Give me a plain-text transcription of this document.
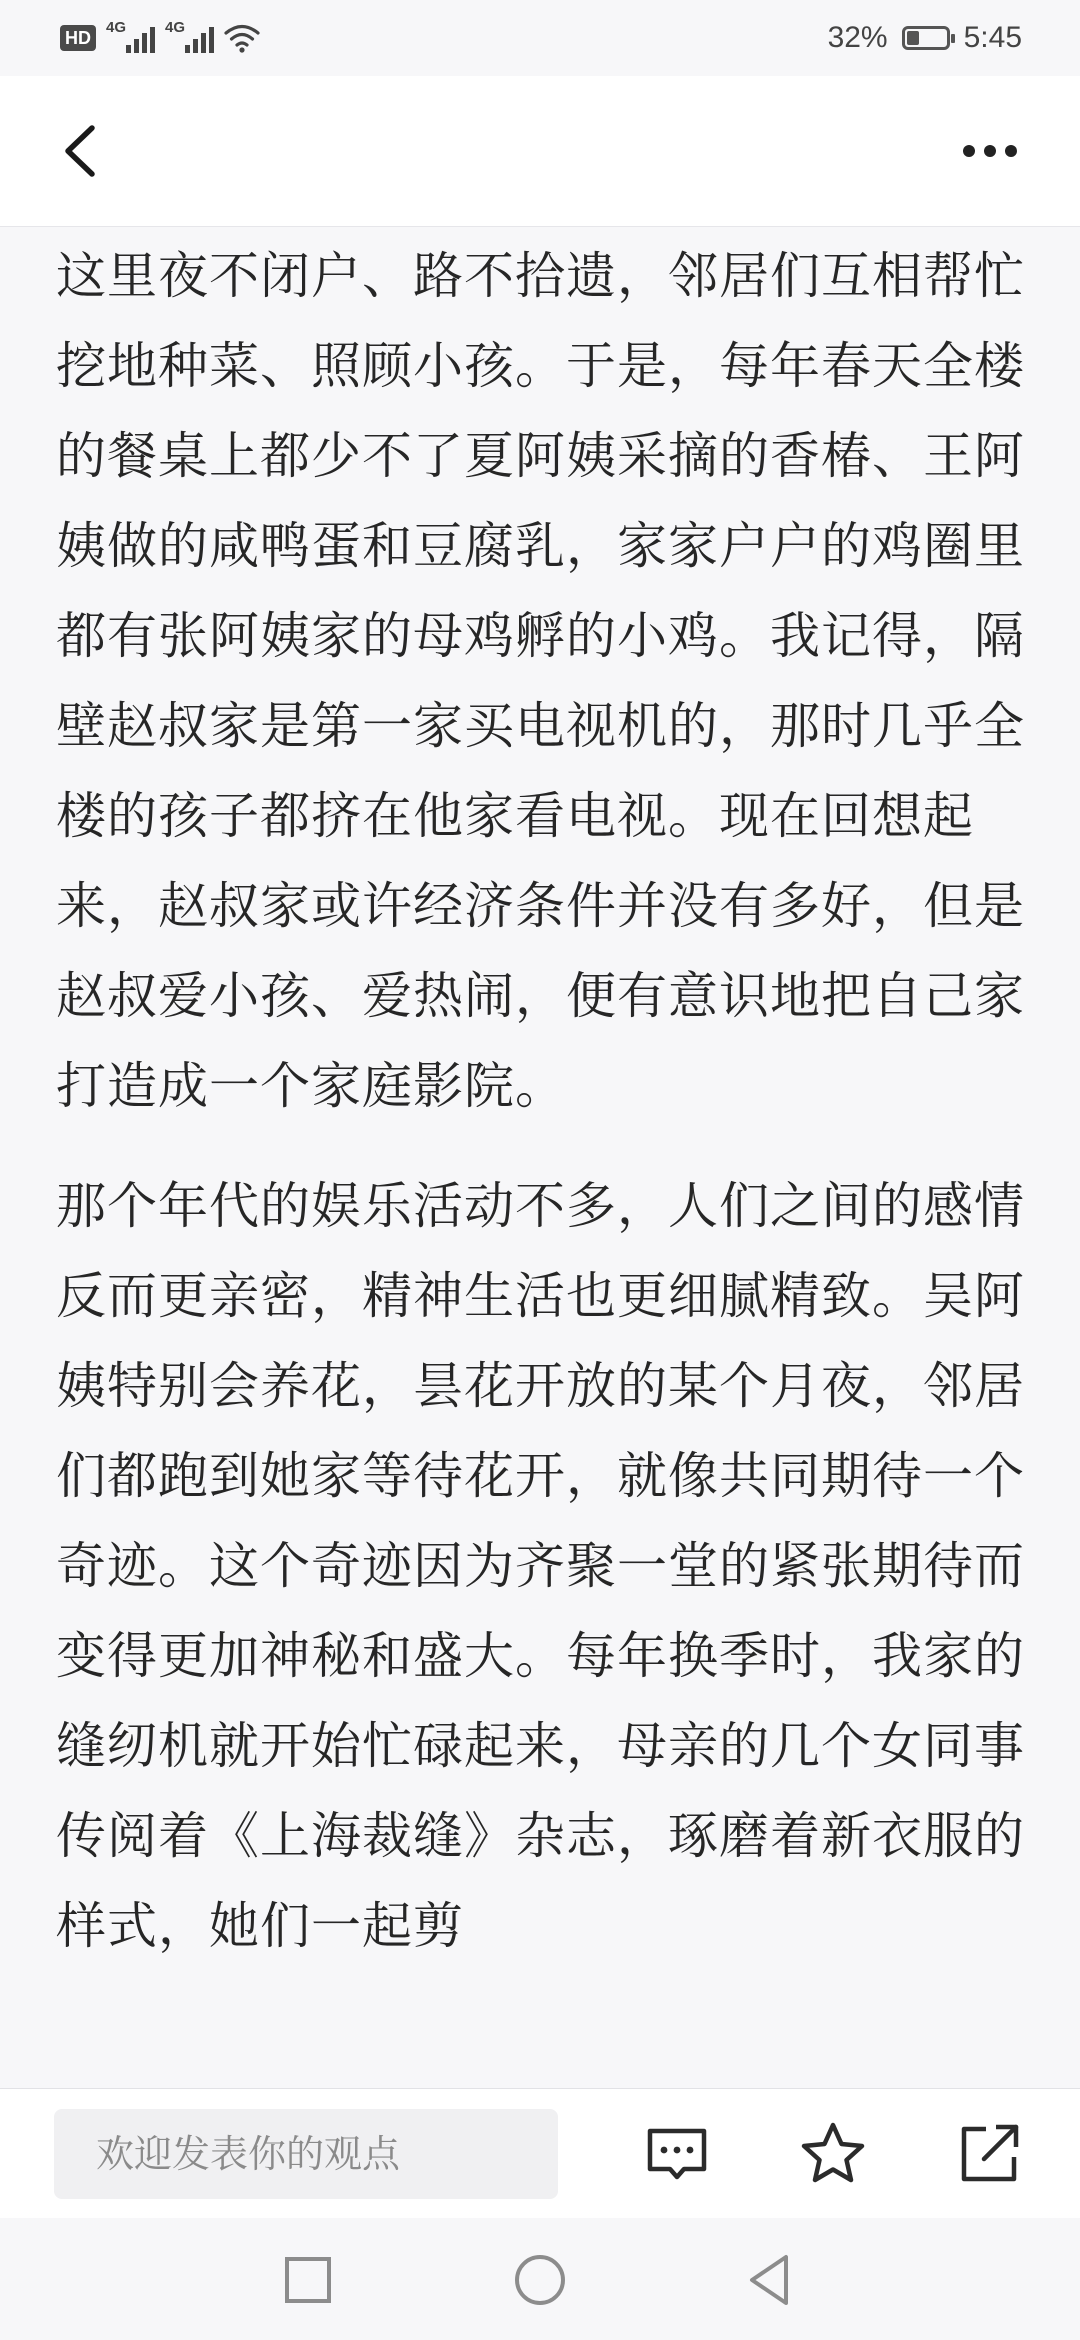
HD
4G	4G	32%	5:45

这里夜不闭户、路不拾遗，邻居们互相帮忙挖地种菜、照顾小孩。于是，每年春天全楼的餐桌上都少不了夏阿姨采摘的香椿、王阿姨做的咸鸭蛋和豆腐乳，家家户户的鸡圈里都有张阿姨家的母鸡孵的小鸡。我记得，隔壁赵叔家是第一家买电视机的，那时几乎全楼的孩子都挤在他家看电视。现在回想起来，赵叔家或许经济条件并没有多好，但是赵叔爱小孩、爱热闹，便有意识地把自己家打造成一个家庭影院。

那个年代的娱乐活动不多，人们之间的感情反而更亲密，精神生活也更细腻精致。吴阿姨特别会养花，昙花开放的某个月夜，邻居们都跑到她家等待花开，就像共同期待一个奇迹。这个奇迹因为齐聚一堂的紧张期待而变得更加神秘和盛大。每年换季时，我家的缝纫机就开始忙碌起来，母亲的几个女同事传阅着《上海裁缝》杂志，琢磨着新衣服的样式，她们一起剪

欢迎发表你的观点
